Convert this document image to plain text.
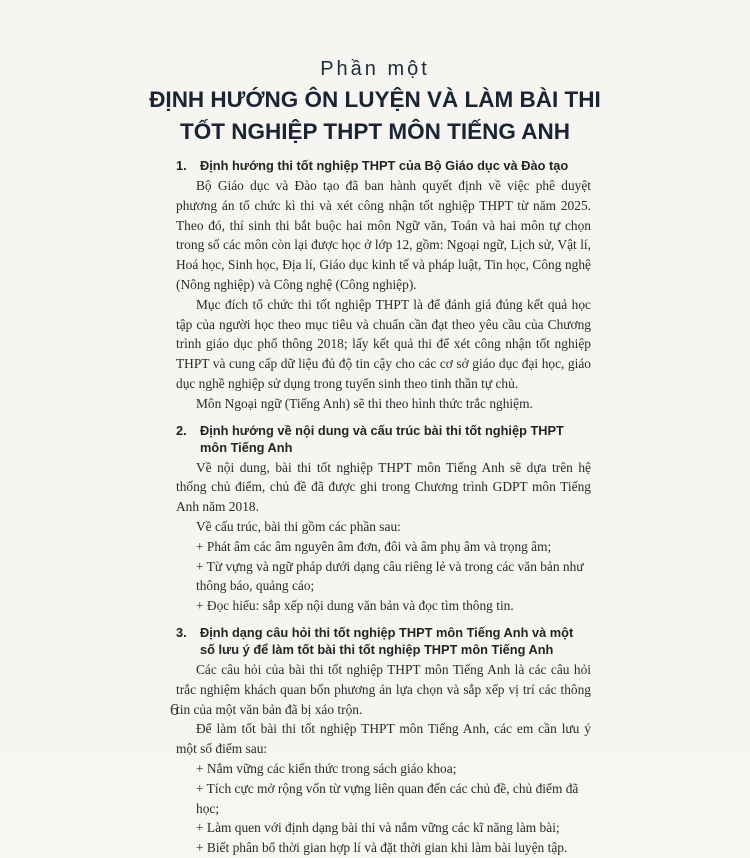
Phần một
ĐỊNH HƯỚNG ÔN LUYỆN VÀ LÀM BÀI THI
TỐT NGHIỆP THPT MÔN TIẾNG ANH
1.	Định hướng thi tốt nghiệp THPT của Bộ Giáo dục và Đào tạo

Bộ Giáo dục và Đào tạo đã ban hành quyết định về việc phê duyệt phương án tổ chức kì thi và xét công nhận tốt nghiệp THPT từ năm 2025. Theo đó, thí sinh thi bắt buộc hai môn Ngữ văn, Toán và hai môn tự chọn trong số các môn còn lại được học ở lớp 12, gồm: Ngoại ngữ, Lịch sử, Vật lí, Hoá học, Sinh học, Địa lí, Giáo dục kinh tế và pháp luật, Tin học, Công nghệ (Nông nghiệp) và Công nghệ (Công nghiệp).

Mục đích tổ chức thi tốt nghiệp THPT là để đánh giá đúng kết quả học tập của người học theo mục tiêu và chuẩn cần đạt theo yêu cầu của Chương trình giáo dục phổ thông 2018; lấy kết quả thi để xét công nhận tốt nghiệp THPT và cung cấp dữ liệu đủ độ tin cậy cho các cơ sở giáo dục đại học, giáo dục nghề nghiệp sử dụng trong tuyển sinh theo tinh thần tự chủ.

Môn Ngoại ngữ (Tiếng Anh) sẽ thi theo hình thức trắc nghiệm.

2.	Định hướng về nội dung và cấu trúc bài thi tốt nghiệp THPT môn Tiếng Anh

Về nội dung, bài thi tốt nghiệp THPT môn Tiếng Anh sẽ dựa trên hệ thống chủ điểm, chủ đề đã được ghi trong Chương trình GDPT môn Tiếng Anh năm 2018.

Về cấu trúc, bài thi gồm các phần sau:

+ Phát âm các âm nguyên âm đơn, đôi và âm phụ âm và trọng âm;

+ Từ vựng và ngữ pháp dưới dạng câu riêng lẻ và trong các văn bản như thông báo, quảng cáo;

+ Đọc hiểu: sắp xếp nội dung văn bản và đọc tìm thông tin.

3.	Định dạng câu hỏi thi tốt nghiệp THPT môn Tiếng Anh và một số lưu ý để làm tốt bài thi tốt nghiệp THPT môn Tiếng Anh

Các câu hỏi của bài thi tốt nghiệp THPT môn Tiếng Anh là các câu hỏi trắc nghiệm khách quan bốn phương án lựa chọn và sắp xếp vị trí các thông tin của một văn bản đã bị xáo trộn.

Để làm tốt bài thi tốt nghiệp THPT môn Tiếng Anh, các em cần lưu ý một số điểm sau:

+ Nắm vững các kiến thức trong sách giáo khoa;

+ Tích cực mở rộng vốn từ vựng liên quan đến các chủ đề, chủ điểm đã học;

+ Làm quen với định dạng bài thi và nắm vững các kĩ năng làm bài;

+ Biết phân bổ thời gian hợp lí và đặt thời gian khi làm bài luyện tập.

6
